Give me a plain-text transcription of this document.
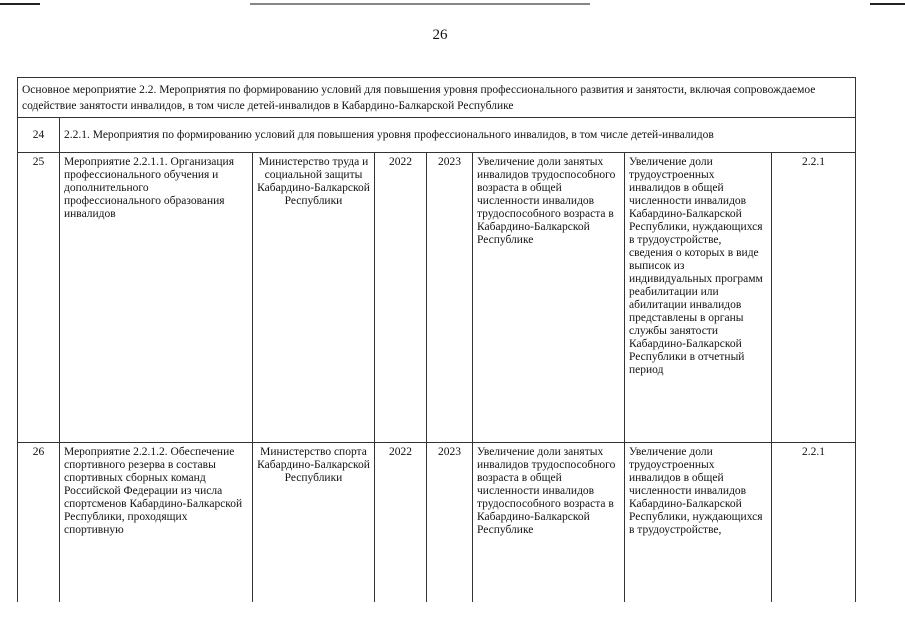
26
Основное мероприятие 2.2. Мероприятия по формированию условий для повышения уровня профессионального развития и занятости, включая сопровождаемое содействие занятости инвалидов, в том числе детей-инвалидов в Кабардино-Балкарской Республике							
24	2.2.1. Мероприятия по формированию условий для повышения уровня профессионального инвалидов, в том числе детей-инвалидов						
25	Мероприятие 2.2.1.1. Организация профессионального обучения и дополнительного профессионального образования инвалидов	Министерство труда и социальной защиты Кабардино-Балкарской Республики	2022	2023	Увеличение доли занятых инвалидов трудоспособного возраста в общей численности инвалидов трудоспособного возраста в Кабардино-Балкарской Республике	Увеличение доли трудоустроенных инвалидов в общей численности инвалидов Кабардино-Балкарской Республики, нуждающихся в трудоустройстве, сведения о которых в виде выписок из индивидуальных программ реабилитации или абилитации инвалидов представлены в органы службы занятости Кабардино-Балкарской Республики в отчетный период	2.2.1
26	Мероприятие 2.2.1.2. Обеспечение спортивного резерва в составы спортивных сборных команд Российской Федерации из числа спортсменов Кабардино-Балкарской Республики, проходящих спортивную	Министерство спорта Кабардино-Балкарской Республики	2022	2023	Увеличение доли занятых инвалидов трудоспособного возраста в общей численности инвалидов трудоспособного возраста в Кабардино-Балкарской Республике	Увеличение доли трудоустроенных инвалидов в общей численности инвалидов Кабардино-Балкарской Республики, нуждающихся в трудоустройстве,	2.2.1
